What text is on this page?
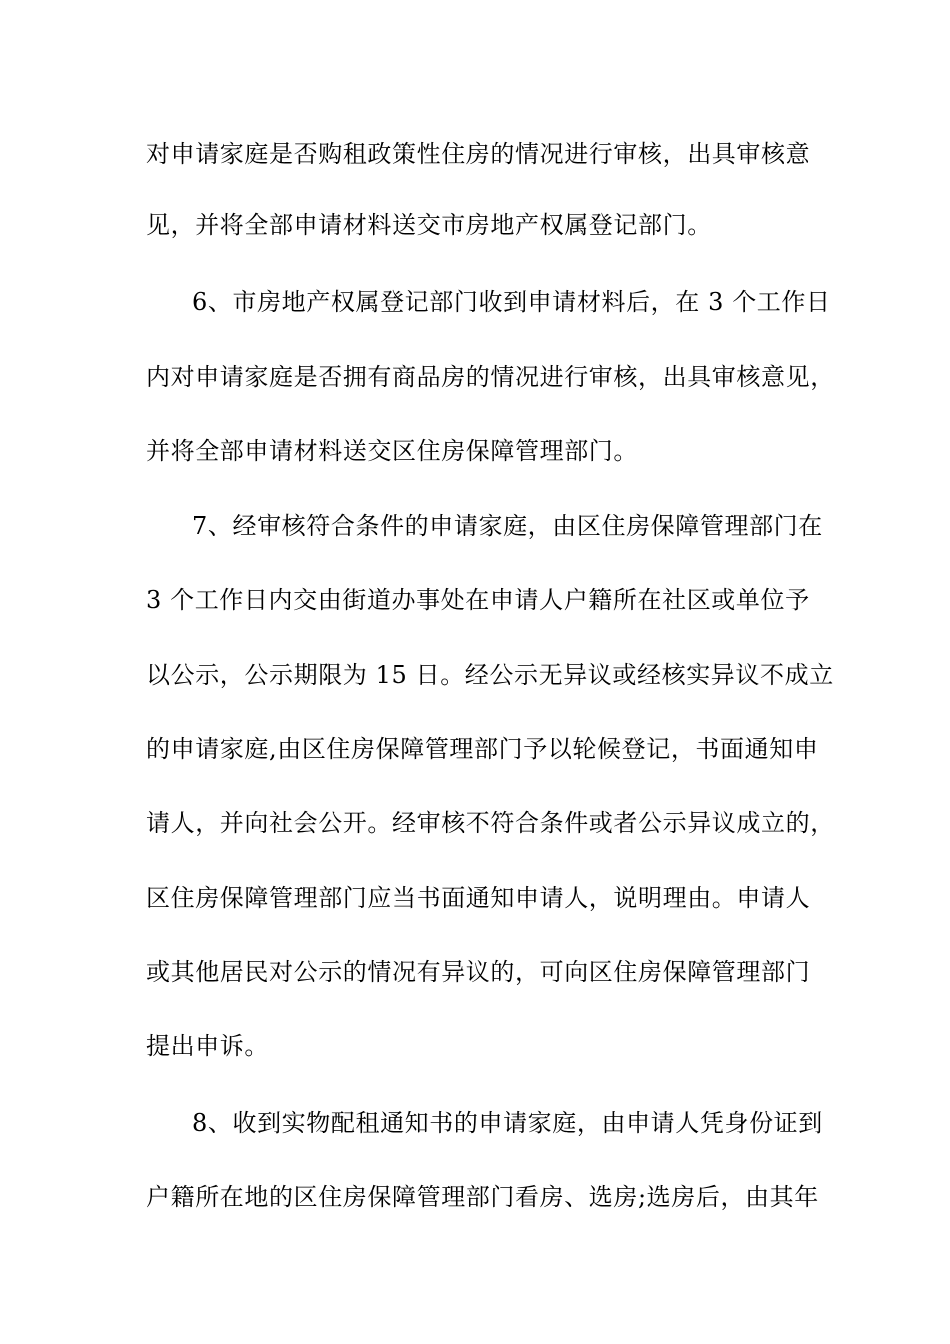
对申请家庭是否购租政策性住房的情况进行审核，出具审核意
见，并将全部申请材料送交市房地产权属登记部门。
6、市房地产权属登记部门收到申请材料后，在 3 个工作日
内对申请家庭是否拥有商品房的情况进行审核，出具审核意见，
并将全部申请材料送交区住房保障管理部门。
7、经审核符合条件的申请家庭，由区住房保障管理部门在
3 个工作日内交由街道办事处在申请人户籍所在社区或单位予
以公示，公示期限为 15 日。经公示无异议或经核实异议不成立
的申请家庭,由区住房保障管理部门予以轮候登记，书面通知申
请人，并向社会公开。经审核不符合条件或者公示异议成立的，
区住房保障管理部门应当书面通知申请人，说明理由。申请人
或其他居民对公示的情况有异议的，可向区住房保障管理部门
提出申诉。
8、收到实物配租通知书的申请家庭，由申请人凭身份证到
户籍所在地的区住房保障管理部门看房、选房;选房后，由其年
